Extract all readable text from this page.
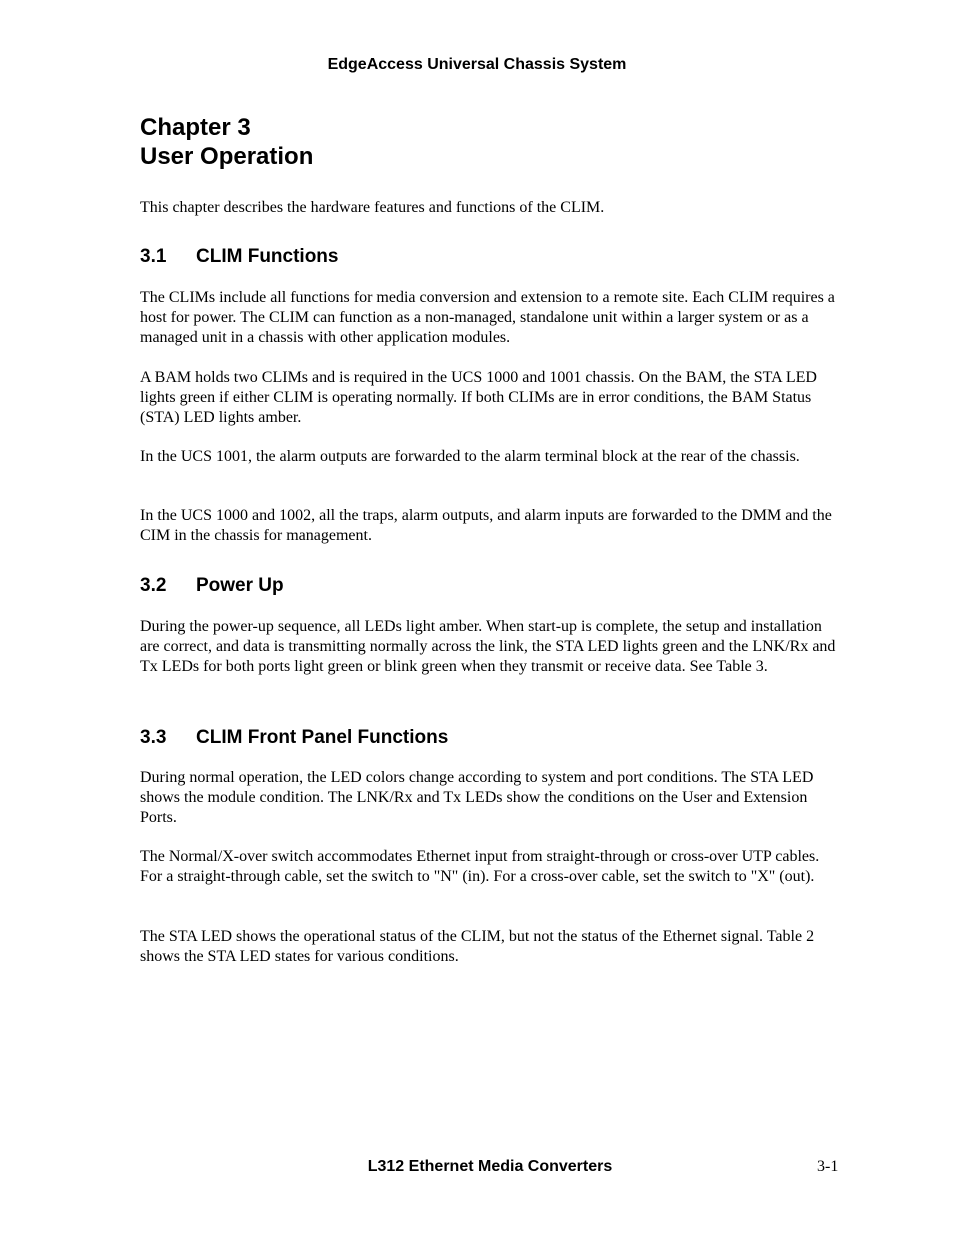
EdgeAccess Universal Chassis System
Chapter 3
User Operation
This chapter describes the hardware features and functions of the CLIM.
3.1 CLIM Functions
The CLIMs include all functions for media conversion and extension to a remote site. Each CLIM requires a host for power. The CLIM can function as a non-managed, standalone unit within a larger system or as a managed unit in a chassis with other application modules.
A BAM holds two CLIMs and is required in the UCS 1000 and 1001 chassis. On the BAM, the STA LED lights green if either CLIM is operating normally. If both CLIMs are in error conditions, the BAM Status (STA) LED lights amber.
In the UCS 1001, the alarm outputs are forwarded to the alarm terminal block at the rear of the chassis.
In the UCS 1000 and 1002, all the traps, alarm outputs, and alarm inputs are forwarded to the DMM and the CIM in the chassis for management.
3.2 Power Up
During the power-up sequence, all LEDs light amber. When start-up is complete, the setup and installation are correct, and data is transmitting normally across the link, the STA LED lights green and the LNK/Rx and Tx LEDs for both ports light green or blink green when they transmit or receive data. See Table 3.
3.3 CLIM Front Panel Functions
During normal operation, the LED colors change according to system and port conditions. The STA LED shows the module condition. The LNK/Rx and Tx LEDs show the conditions on the User and Extension Ports.
The Normal/X-over switch accommodates Ethernet input from straight-through or cross-over UTP cables. For a straight-through cable, set the switch to "N" (in). For a cross-over cable, set the switch to "X" (out).
The STA LED shows the operational status of the CLIM, but not the status of the Ethernet signal. Table 2 shows the STA LED states for various conditions.
L312 Ethernet Media Converters	3-1
